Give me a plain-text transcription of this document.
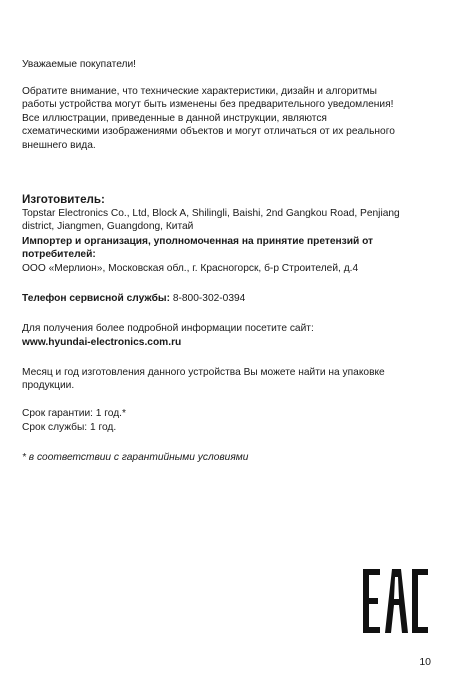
Уважаемые покупатели!
Обратите внимание, что технические характеристики, дизайн и алгоритмы
работы устройства могут быть изменены без предварительного уведомления!
Все иллюстрации, приведенные в данной инструкции, являются
схематическими изображениями объектов и могут отличаться от их реального
внешнего вида.
Изготовитель:
Topstar Electronics Co., Ltd, Block A, Shilingli, Baishi, 2nd Gangkou Road, Penjiang
district, Jiangmen, Guangdong, Китай
Импортер и организация, уполномоченная на принятие претензий от
потребителей:
ООО «Мерлион», Московская обл., г. Красногорск, б-р Строителей, д.4
Телефон сервисной службы: 8-800-302-0394
Для получения более подробной информации посетите сайт:
www.hyundai-electronics.com.ru
Месяц и год изготовления данного устройства Вы можете найти на упаковке
продукции.
Срок гарантии: 1 год.*
Срок службы: 1 год.
* в соответствии с гарантийными условиями
10
